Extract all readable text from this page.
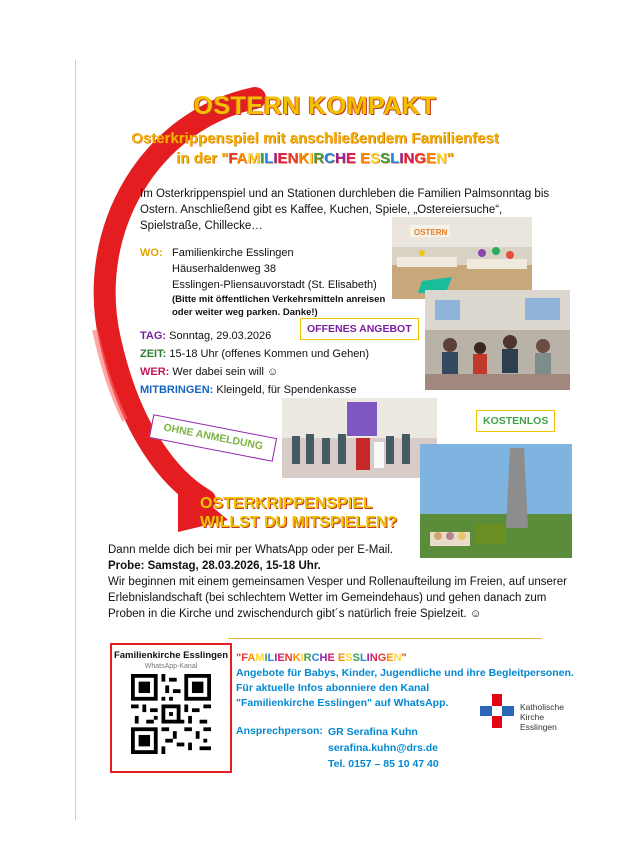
OSTERN KOMPAKT
Osterkrippenspiel mit anschließendem Familienfest
in der "FAMILIENKIRCHE ESSLINGEN"
Im Osterkrippenspiel und an Stationen durchleben die Familien Palmsonntag bis Ostern. Anschließend gibt es Kaffee, Kuchen, Spiele, „Ostereiersuche“, Spielstraße, Chillecke…
OSTERN
OFFENES ANGEBOT
OHNE ANMELDUNG
KOSTENLOS
WO: Familienkirche Esslingen
Häuserhaldenweg 38
Esslingen-Pliensauvorstadt (St. Elisabeth)
(Bitte mit öffentlichen Verkehrsmitteln anreisen
oder weiter weg parken. Danke!)
TAG: Sonntag, 29.03.2026
ZEIT: 15-18 Uhr (offenes Kommen und Gehen)
WER: Wer dabei sein will ☺
MITBRINGEN: Kleingeld, für Spendenkasse
OSTERKRIPPENSPIEL
WILLST DU MITSPIELEN?
Dann melde dich bei mir per WhatsApp oder per E-Mail.
Probe: Samstag, 28.03.2026, 15-18 Uhr.
Wir beginnen mit einem gemeinsamen Vesper und Rollenaufteilung im Freien, auf unserer Erlebnislandschaft (bei schlechtem Wetter im Gemeindehaus) und gehen danach zum Proben in die Kirche und zwischendurch gibt´s natürlich freie Spielzeit. ☺
Familienkirche Esslingen
WhatsApp-Kanal
"FAMILIENKIRCHE ESSLINGEN"
Angebote für Babys, Kinder, Jugendliche und ihre Begleitpersonen.
Für aktuelle Infos abonniere den Kanal
"Familienkirche Esslingen" auf WhatsApp.
Ansprechperson: GR Serafina Kuhn
serafina.kuhn@drs.de
Tel. 0157 – 85 10 47 40
Katholische
Kirche
Esslingen
